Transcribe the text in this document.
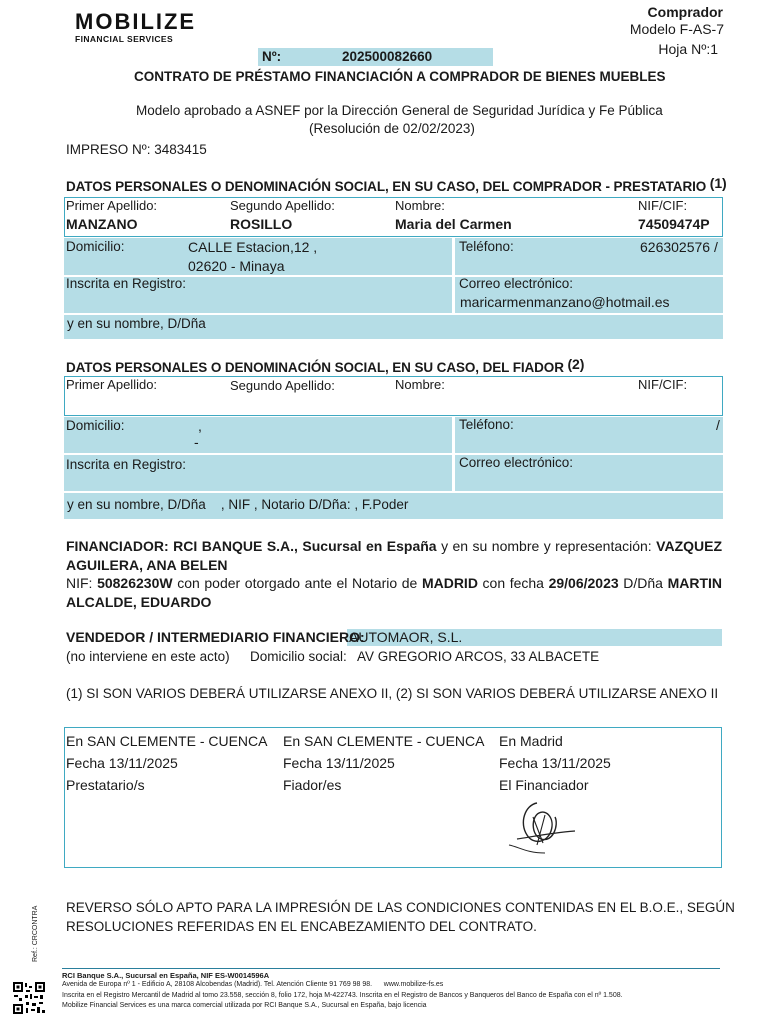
MOBILIZE
FINANCIAL SERVICES
Comprador
Modelo F-AS-7
Hoja Nº:1
Nº:	202500082660
CONTRATO DE PRÉSTAMO FINANCIACIÓN A COMPRADOR DE BIENES MUEBLES
Modelo aprobado a ASNEF por la Dirección General de Seguridad Jurídica y Fe Pública
(Resolución de 02/02/2023)
IMPRESO Nº: 3483415
DATOS PERSONALES O DENOMINACIÓN SOCIAL, EN SU CASO, DEL COMPRADOR - PRESTATARIO (1)
Primer Apellido:	Segundo Apellido:	Nombre:	NIF/CIF:
MANZANO	ROSILLO	Maria del Carmen	74509474P
Domicilio:	CALLE Estacion,12 ,
02620 - Minaya
Teléfono:	626302576 /
Inscrita en Registro:	Correo electrónico:
maricarmenmanzano@hotmail.es
y en su nombre, D/Dña
DATOS PERSONALES O DENOMINACIÓN SOCIAL, EN SU CASO, DEL FIADOR (2)
Primer Apellido:	Segundo Apellido:	Nombre:	NIF/CIF:
Domicilio:	,
-
Teléfono:	/
Inscrita en Registro:	Correo electrónico:
y en su nombre, D/Dña    , NIF , Notario D/Dña: , F.Poder
FINANCIADOR: RCI BANQUE S.A., Sucursal en España y en su nombre y representación: VAZQUEZ AGUILERA, ANA BELEN
NIF: 50826230W con poder otorgado ante el Notario de MADRID con fecha 29/06/2023 D/Dña MARTIN ALCALDE, EDUARDO
VENDEDOR / INTERMEDIARIO FINANCIERO:
AUTOMAOR, S.L.
(no interviene en este acto) Domicilio social: AV GREGORIO ARCOS, 33 ALBACETE
(1) SI SON VARIOS DEBERÁ UTILIZARSE ANEXO II, (2) SI SON VARIOS DEBERÁ UTILIZARSE ANEXO II
En SAN CLEMENTE - CUENCA
Fecha 13/11/2025
Prestatario/s
En SAN CLEMENTE - CUENCA
Fecha 13/11/2025
Fiador/es
En Madrid
Fecha 13/11/2025
El Financiador
REVERSO SÓLO APTO PARA LA IMPRESIÓN DE LAS CONDICIONES CONTENIDAS EN EL B.O.E., SEGÚN
RESOLUCIONES REFERIDAS EN EL ENCABEZAMIENTO DEL CONTRATO.
Ref.: CRCONTRA
RCI Banque S.A., Sucursal en España, NIF ES-W0014596A
Avenida de Europa nº 1 - Edificio A, 28108 Alcobendas (Madrid). Tel. Atención Cliente 91 769 98 98.      www.mobilize-fs.es
Inscrita en el Registro Mercantil de Madrid al tomo 23.558, sección 8, folio 172, hoja M-422743. Inscrita en el Registro de Bancos y Banqueros del Banco de España con el nº 1.508.
Mobilize Financial Services es una marca comercial utilizada por RCI Banque S.A., Sucursal en España, bajo licencia
